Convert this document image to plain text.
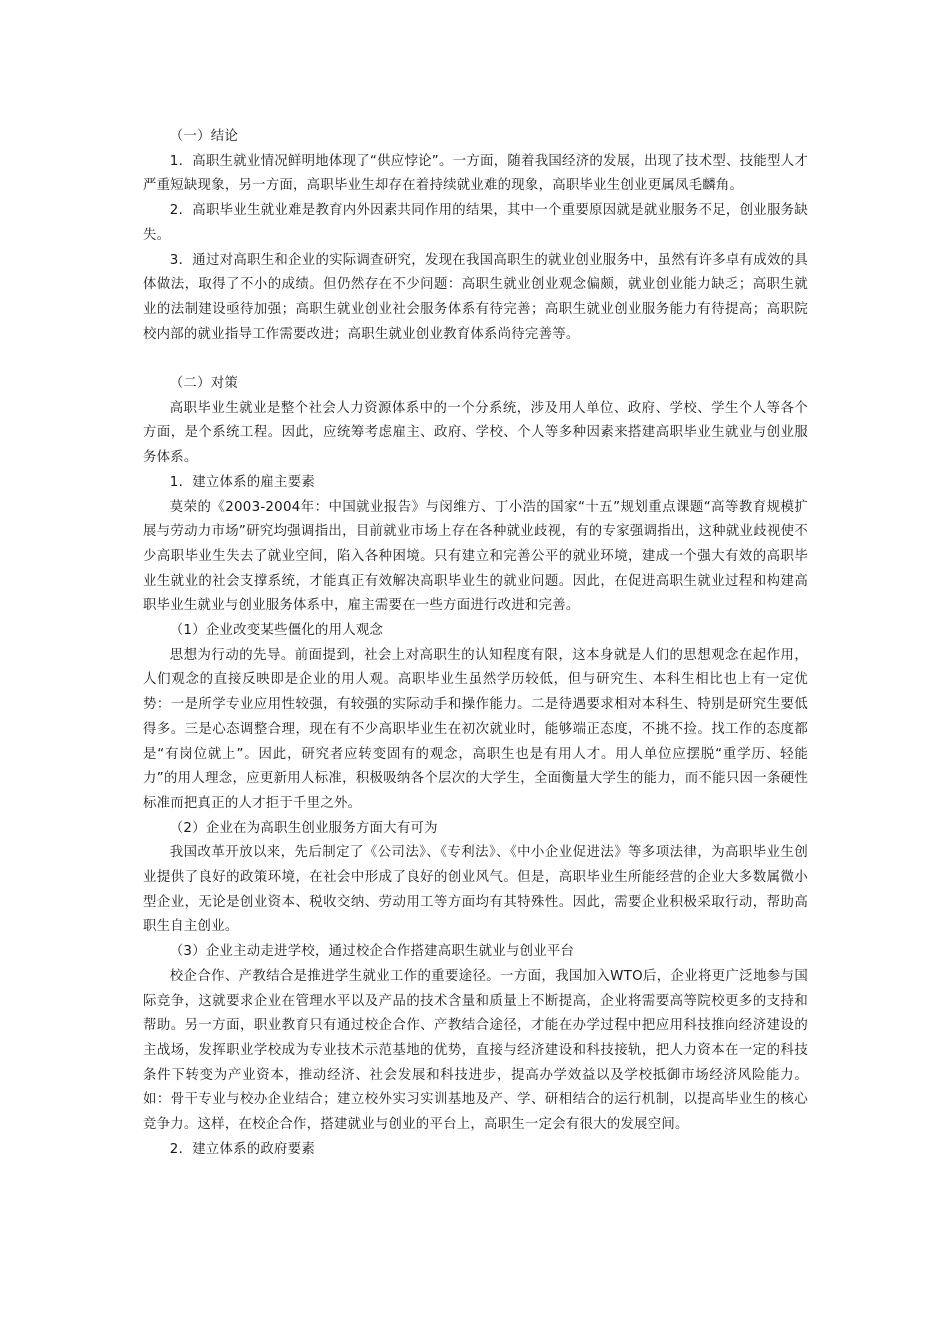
（一）结论

1．高职生就业情况鲜明地体现了“供应悖论”。一方面，随着我国经济的发展，出现了技术型、技能型人才严重短缺现象，另一方面，高职毕业生却存在着持续就业难的现象，高职毕业生创业更属凤毛麟角。

2．高职毕业生就业难是教育内外因素共同作用的结果，其中一个重要原因就是就业服务不足，创业服务缺失。

3．通过对高职生和企业的实际调查研究，发现在我国高职生的就业创业服务中，虽然有许多卓有成效的具体做法，取得了不小的成绩。但仍然存在不少问题：高职生就业创业观念偏颇，就业创业能力缺乏；高职生就业的法制建设亟待加强；高职生就业创业社会服务体系有待完善；高职生就业创业服务能力有待提高；高职院校内部的就业指导工作需要改进；高职生就业创业教育体系尚待完善等。

（二）对策

高职毕业生就业是整个社会人力资源体系中的一个分系统，涉及用人单位、政府、学校、学生个人等各个方面，是个系统工程。因此，应统筹考虑雇主、政府、学校、个人等多种因素来搭建高职毕业生就业与创业服务体系。

1．建立体系的雇主要素

莫荣的《2003-2004年：中国就业报告》与闵维方、丁小浩的国家“十五”规划重点课题“高等教育规模扩展与劳动力市场”研究均强调指出，目前就业市场上存在各种就业歧视，有的专家强调指出，这种就业歧视使不少高职毕业生失去了就业空间，陷入各种困境。只有建立和完善公平的就业环境，建成一个强大有效的高职毕业生就业的社会支撑系统，才能真正有效解决高职毕业生的就业问题。因此，在促进高职生就业过程和构建高职毕业生就业与创业服务体系中，雇主需要在一些方面进行改进和完善。

（1）企业改变某些僵化的用人观念

思想为行动的先导。前面提到，社会上对高职生的认知程度有限，这本身就是人们的思想观念在起作用，人们观念的直接反映即是企业的用人观。高职毕业生虽然学历较低，但与研究生、本科生相比也上有一定优势：一是所学专业应用性较强，有较强的实际动手和操作能力。二是待遇要求相对本科生、特别是研究生要低得多。三是心态调整合理，现在有不少高职毕业生在初次就业时，能够端正态度，不挑不捡。找工作的态度都是“有岗位就上”。因此，研究者应转变固有的观念，高职生也是有用人才。用人单位应摆脱“重学历、轻能力”的用人理念，应更新用人标准，积极吸纳各个层次的大学生，全面衡量大学生的能力，而不能只因一条硬性标准而把真正的人才拒于千里之外。

（2）企业在为高职生创业服务方面大有可为

我国改革开放以来，先后制定了《公司法》、《专利法》、《中小企业促进法》等多项法律，为高职毕业生创业提供了良好的政策环境，在社会中形成了良好的创业风气。但是，高职毕业生所能经营的企业大多数属微小型企业，无论是创业资本、税收交纳、劳动用工等方面均有其特殊性。因此，需要企业积极采取行动，帮助高职生自主创业。

（3）企业主动走进学校，通过校企合作搭建高职生就业与创业平台

校企合作、产教结合是推进学生就业工作的重要途径。一方面，我国加入WTO后，企业将更广泛地参与国际竞争，这就要求企业在管理水平以及产品的技术含量和质量上不断提高，企业将需要高等院校更多的支持和帮助。另一方面，职业教育只有通过校企合作、产教结合途径，才能在办学过程中把应用科技推向经济建设的主战场，发挥职业学校成为专业技术示范基地的优势，直接与经济建设和科技接轨，把人力资本在一定的科技条件下转变为产业资本，推动经济、社会发展和科技进步，提高办学效益以及学校抵御市场经济风险能力。如：骨干专业与校办企业结合；建立校外实习实训基地及产、学、研相结合的运行机制，以提高毕业生的核心竞争力。这样，在校企合作，搭建就业与创业的平台上，高职生一定会有很大的发展空间。

2．建立体系的政府要素
